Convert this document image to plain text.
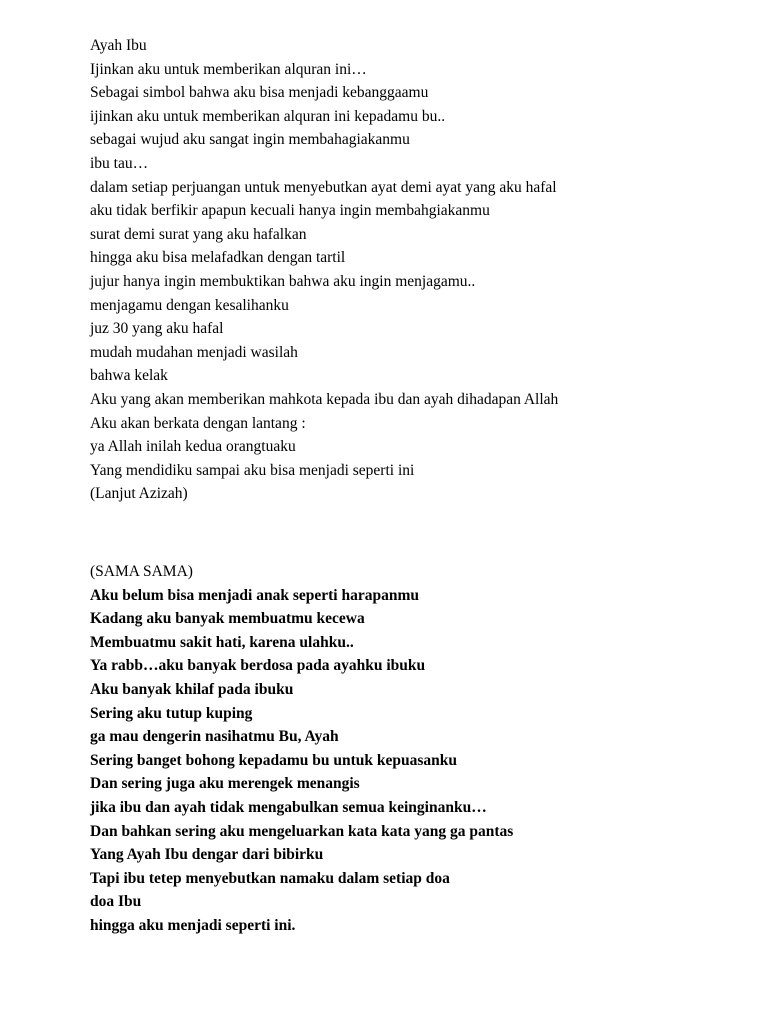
Ayah Ibu
Ijinkan aku untuk memberikan alquran ini…
Sebagai simbol bahwa aku bisa menjadi kebanggaamu
ijinkan aku untuk memberikan alquran ini kepadamu bu..
sebagai wujud aku sangat ingin membahagiakanmu
ibu tau…
dalam setiap perjuangan untuk menyebutkan ayat demi ayat yang aku hafal
aku tidak berfikir apapun kecuali hanya ingin membahgiakanmu
surat demi surat yang aku hafalkan
hingga aku bisa melafadkan dengan tartil
jujur hanya ingin membuktikan bahwa aku ingin menjagamu..
menjagamu dengan kesalihanku
juz 30 yang aku hafal
mudah mudahan menjadi wasilah
bahwa kelak
Aku yang akan memberikan mahkota kepada ibu dan ayah dihadapan Allah
Aku akan berkata dengan lantang :
ya Allah inilah kedua orangtuaku
Yang mendidiku sampai aku bisa menjadi seperti ini
(Lanjut Azizah)
(SAMA SAMA)
Aku belum bisa menjadi anak seperti harapanmu
Kadang aku banyak membuatmu kecewa
Membuatmu sakit hati, karena ulahku..
Ya rabb…aku banyak berdosa pada ayahku ibuku
Aku banyak khilaf pada ibuku
Sering aku tutup kuping
ga mau dengerin nasihatmu Bu, Ayah
Sering banget bohong kepadamu bu untuk kepuasanku
Dan sering juga aku merengek menangis
jika ibu dan ayah tidak mengabulkan semua keinginanku…
Dan bahkan sering aku mengeluarkan kata kata yang ga pantas
Yang Ayah Ibu dengar dari bibirku
Tapi ibu tetep menyebutkan namaku dalam setiap doa
doa Ibu
hingga aku menjadi seperti ini.
